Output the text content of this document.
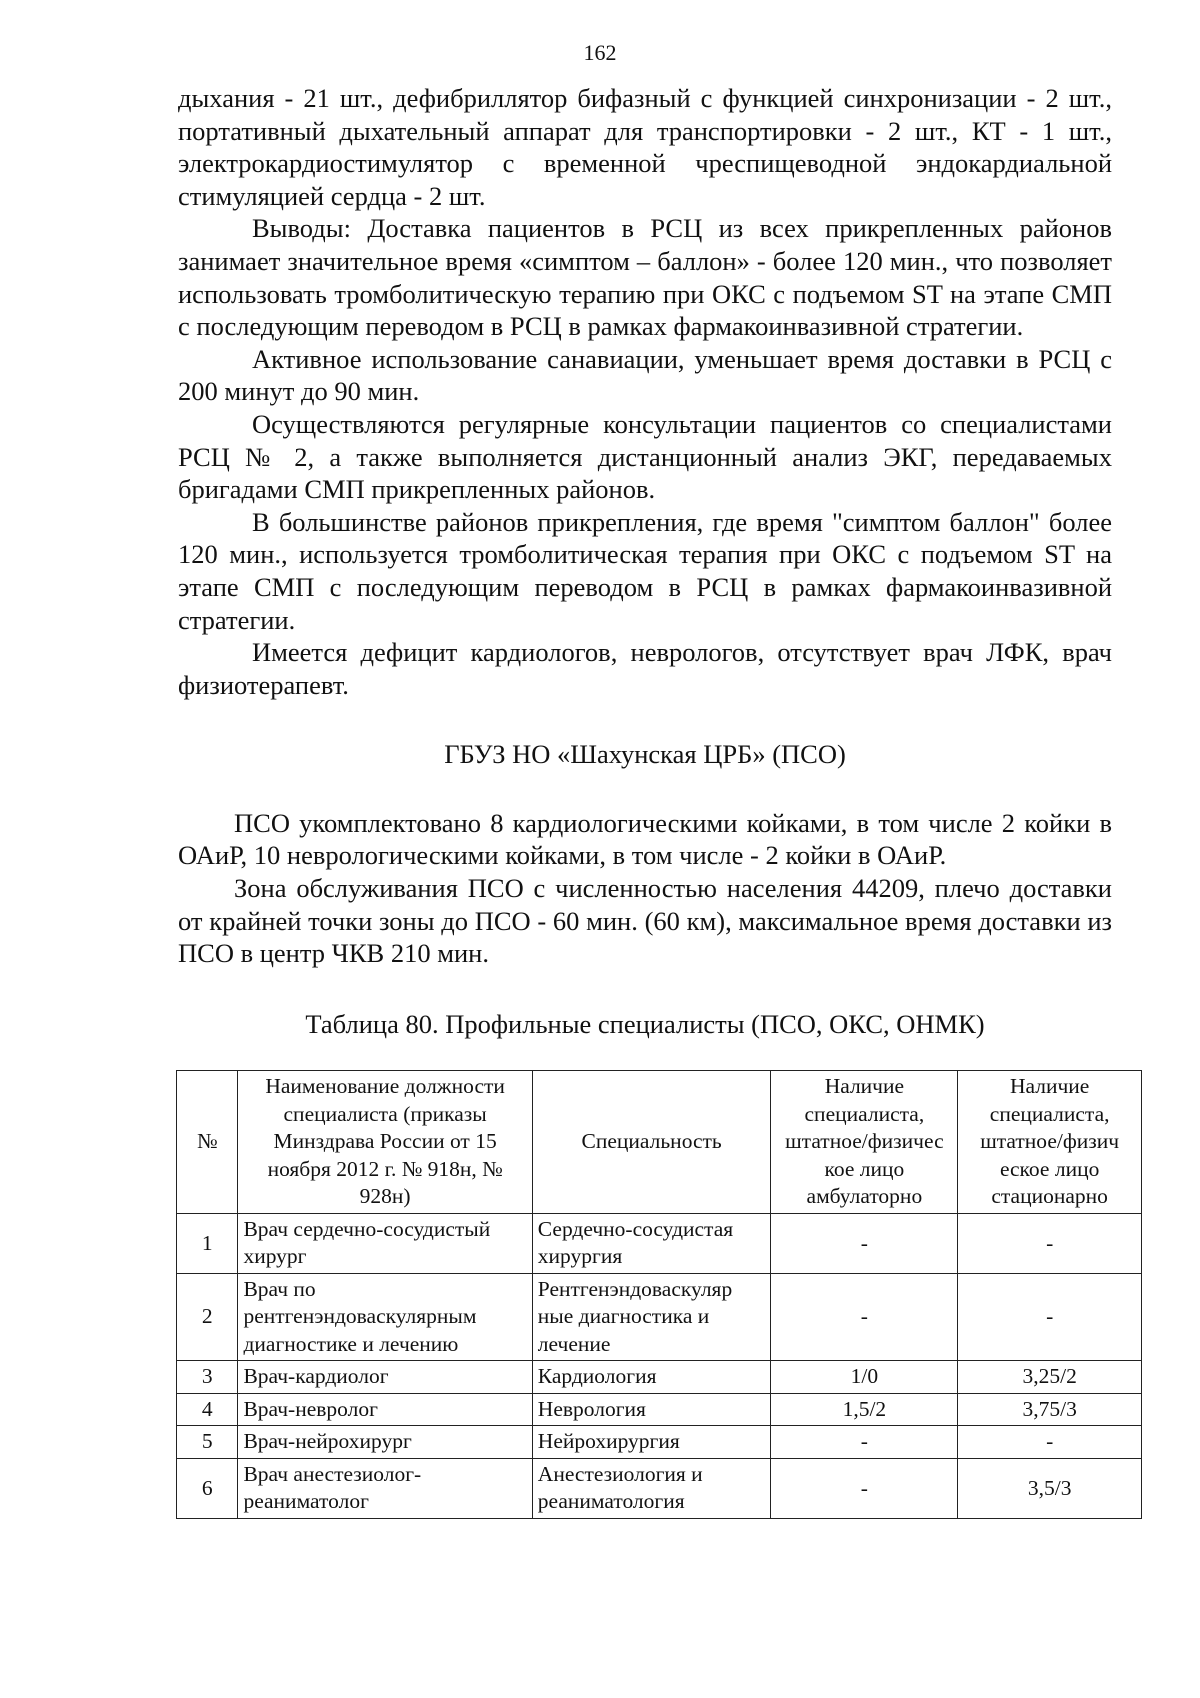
162

дыхания - 21 шт., дефибриллятор бифазный с функцией синхронизации - 2 шт., портативный дыхательный аппарат для транспортировки - 2 шт., КТ - 1 шт., электрокардиостимулятор с временной чреспищеводной эндокардиальной стимуляцией сердца - 2 шт.

Выводы: Доставка пациентов в РСЦ из всех прикрепленных районов занимает значительное время «симптом – баллон» - более 120 мин., что позволяет использовать тромболитическую терапию при ОКС с подъемом ST на этапе СМП с последующим переводом в РСЦ в рамках фармакоинвазивной стратегии.

Активное использование санавиации, уменьшает время доставки в РСЦ с 200 минут до 90 мин.

Осуществляются регулярные консультации пациентов со специалистами РСЦ № 2, а также выполняется дистанционный анализ ЭКГ, передаваемых бригадами СМП прикрепленных районов.

В большинстве районов прикрепления, где время "симптом баллон" более 120 мин., используется тромболитическая терапия при ОКС с подъемом ST на этапе СМП с последующим переводом в РСЦ в рамках фармакоинвазивной стратегии.

Имеется дефицит кардиологов, неврологов, отсутствует врач ЛФК, врач физиотерапевт.

ГБУЗ НО «Шахунская ЦРБ» (ПСО)

ПСО укомплектовано 8 кардиологическими койками, в том числе 2 койки в ОАиР, 10 неврологическими койками, в том числе - 2 койки в ОАиР.

Зона обслуживания ПСО с численностью населения 44209, плечо доставки от крайней точки зоны до ПСО - 60 мин. (60 км), максимальное время доставки из ПСО в центр ЧКВ 210 мин.

Таблица 80. Профильные специалисты (ПСО, ОКС, ОНМК)
№	Наименование должности специалиста (приказы Минздрава России от 15 ноября 2012 г. № 918н, № 928н)	Специальность	Наличие специалиста, штатное/физичес кое лицо амбулаторно	Наличие специалиста, штатное/физич еское лицо стационарно
1	Врач сердечно-сосудистый хирург	Сердечно-сосудистая хирургия	-	-
2	Врач по рентгенэндоваскулярным диагностике и лечению	Рентгенэндоваскуляр ные диагностика и лечение	-	-
3	Врач-кардиолог	Кардиология	1/0	3,25/2
4	Врач-невролог	Неврология	1,5/2	3,75/3
5	Врач-нейрохирург	Нейрохирургия	-	-
6	Врач анестезиолог-реаниматолог	Анестезиология и реаниматология	-	3,5/3
